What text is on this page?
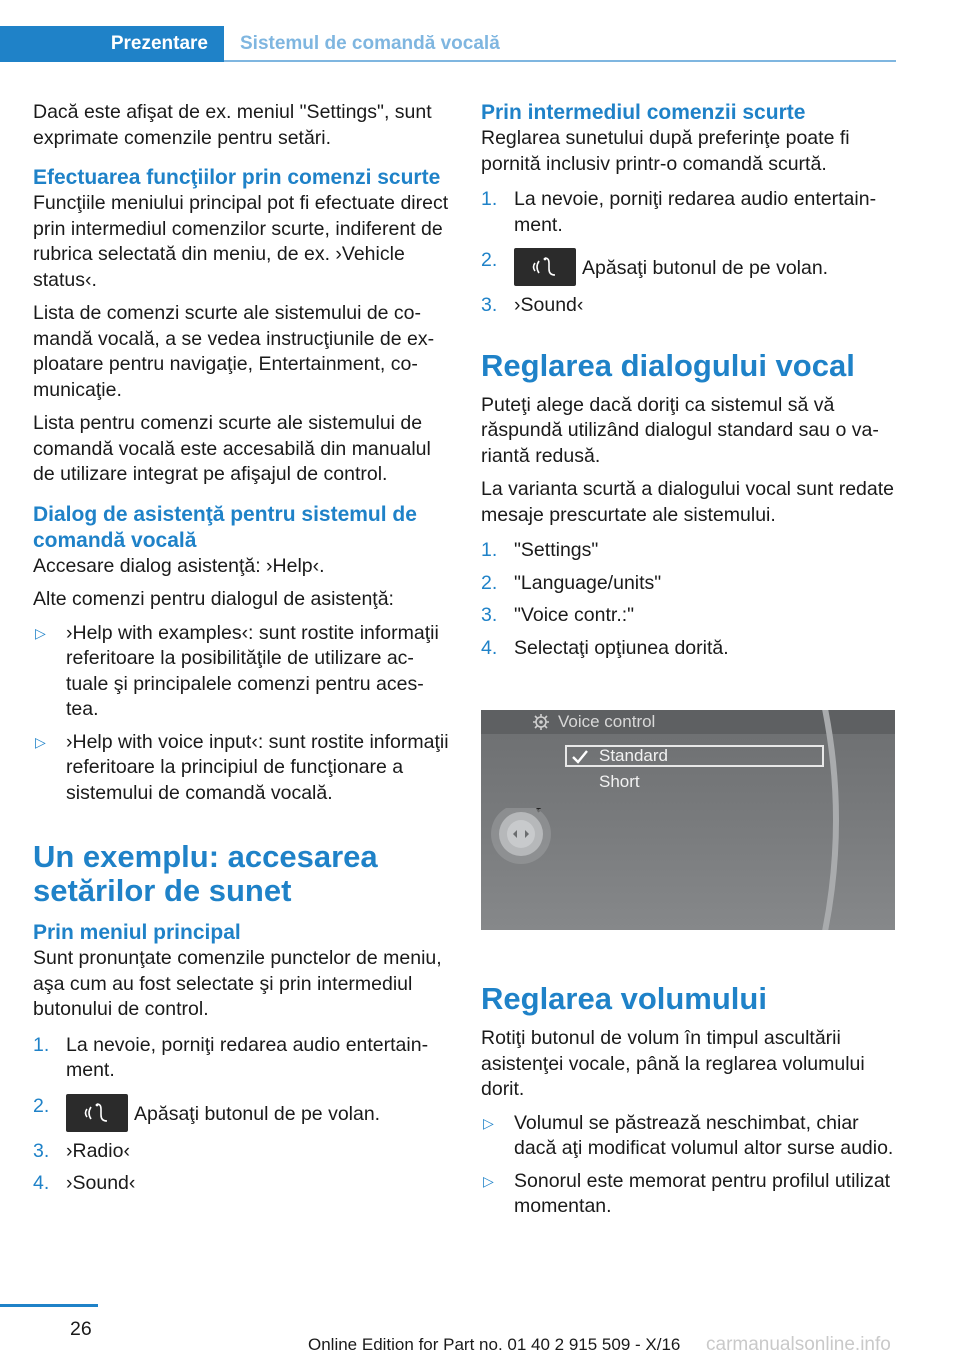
Prezentare	Sistemul de comandă vocală

Dacă este afişat de ex. meniul "Settings", sunt exprimate comenzile pentru setări.

Efectuarea funcţiilor prin comenzi scurte

Funcţiile meniului principal pot fi efectuate direct prin intermediul comenzilor scurte, indiferent de rubrica selectată din meniu, de ex. ›Vehicle status‹.

Lista de comenzi scurte ale sistemului de comandă vocală, a se vedea instrucţiunile de exploatare pentru navigaţie, Entertainment, comunicaţie.

Lista pentru comenzi scurte ale sistemului de comandă vocală este accesabilă din manualul de utilizare integrat pe afişajul de control.

Dialog de asistenţă pentru sistemul de comandă vocală

Accesare dialog asistenţă: ›Help‹.

Alte comenzi pentru dialogul de asistenţă:

▷ ›Help with examples‹: sunt rostite informaţii referitoare la posibilităţile de utilizare actuale şi principalele comenzi pentru acestea.
▷ ›Help with voice input‹: sunt rostite informaţii referitoare la principiul de funcţionare a sistemului de comandă vocală.
Un exemplu: accesarea setărilor de sunet
Prin meniul principal

Sunt pronunţate comenzile punctelor de meniu, aşa cum au fost selectate şi prin intermediul butonului de control.

1. La nevoie, porniţi redarea audio entertainment.
2.	Apăsaţi butonul de pe volan.
3. ›Radio‹
4. ›Sound‹
Prin intermediul comenzii scurte

Reglarea sunetului după preferinţe poate fi pornită inclusiv printr-o comandă scurtă.

1. La nevoie, porniţi redarea audio entertainment.
2.	Apăsaţi butonul de pe volan.
3. ›Sound‹
Reglarea dialogului vocal

Puteţi alege dacă doriţi ca sistemul să vă răspundă utilizând dialogul standard sau o variantă redusă.

La varianta scurtă a dialogului vocal sunt redate mesaje prescurtate ale sistemului.

1. "Settings"
2. "Language/units"
3. "Voice contr.:"
4. Selectaţi opţiunea dorită.
Voice control
Standard
Short
Reglarea volumului

Rotiţi butonul de volum în timpul ascultării asistenţei vocale, până la reglarea volumului dorit.

▷ Volumul se păstrează neschimbat, chiar dacă aţi modificat volumul altor surse audio.
▷ Sonorul este memorat pentru profilul utilizat momentan.
26
Online Edition for Part no. 01 40 2 915 509 - X/16 carmanualsonline.info
